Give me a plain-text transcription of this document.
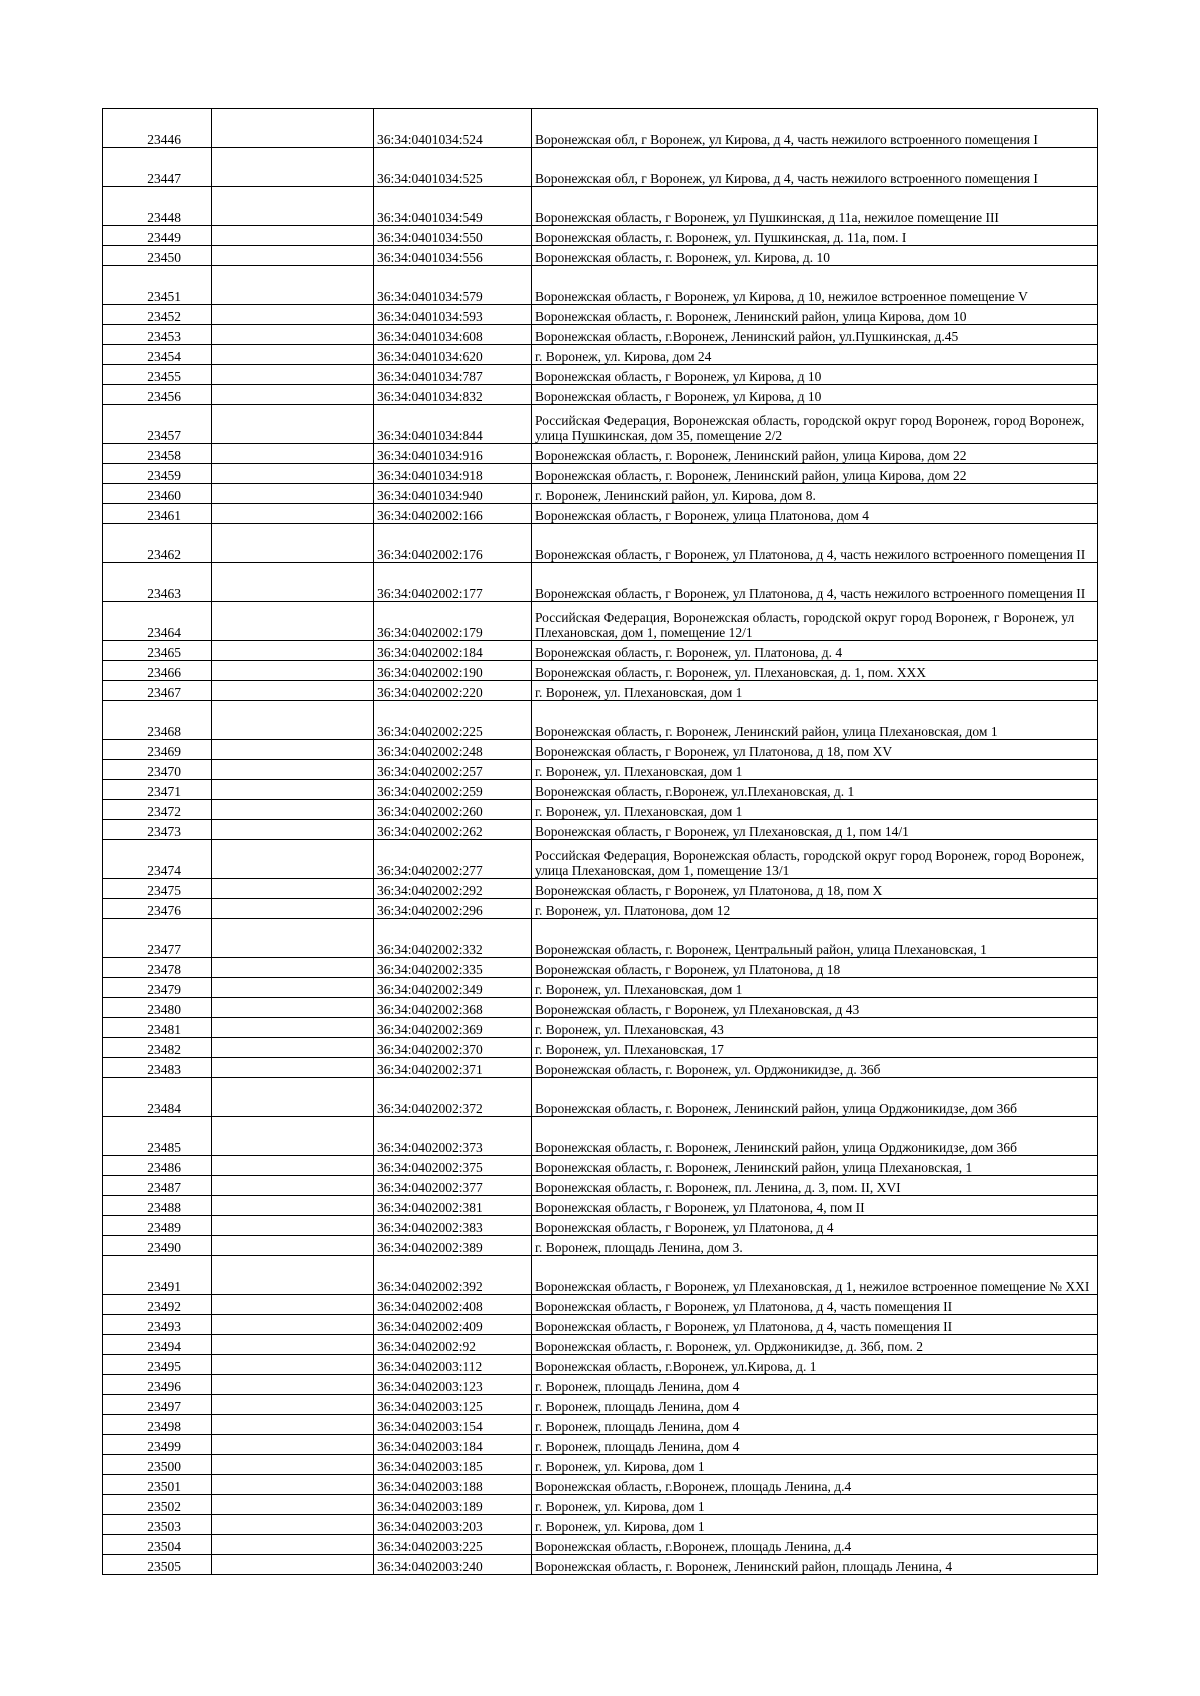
23446		36:34:0401034:524	Воронежская обл, г Воронеж, ул Кирова, д 4, часть нежилого встроенного помещения I
23447		36:34:0401034:525	Воронежская обл, г Воронеж, ул Кирова, д 4, часть нежилого встроенного помещения I
23448		36:34:0401034:549	Воронежская область, г Воронеж, ул Пушкинская, д 11а, нежилое помещение III
23449		36:34:0401034:550	Воронежская область, г. Воронеж, ул. Пушкинская, д. 11а, пом. I
23450		36:34:0401034:556	Воронежская область, г. Воронеж, ул. Кирова, д. 10
23451		36:34:0401034:579	Воронежская область, г Воронеж, ул Кирова, д 10, нежилое встроенное помещение V
23452		36:34:0401034:593	Воронежская область, г. Воронеж, Ленинский район, улица Кирова, дом 10
23453		36:34:0401034:608	Воронежская область, г.Воронеж, Ленинский район, ул.Пушкинская, д.45
23454		36:34:0401034:620	г. Воронеж, ул. Кирова, дом 24
23455		36:34:0401034:787	Воронежская область, г Воронеж, ул Кирова, д 10
23456		36:34:0401034:832	Воронежская область, г Воронеж, ул Кирова, д 10
23457		36:34:0401034:844	Российская Федерация, Воронежская область, городской округ город Воронеж, город Воронеж, улица Пушкинская, дом 35, помещение 2/2
23458		36:34:0401034:916	Воронежская область, г. Воронеж, Ленинский район, улица Кирова, дом 22
23459		36:34:0401034:918	Воронежская область, г. Воронеж, Ленинский район, улица Кирова, дом 22
23460		36:34:0401034:940	г. Воронеж, Ленинский район, ул. Кирова, дом 8.
23461		36:34:0402002:166	Воронежская область, г Воронеж, улица Платонова, дом 4
23462		36:34:0402002:176	Воронежская область, г Воронеж, ул Платонова, д 4, часть нежилого встроенного помещения II
23463		36:34:0402002:177	Воронежская область, г Воронеж, ул Платонова, д 4, часть нежилого встроенного помещения II
23464		36:34:0402002:179	Российская Федерация, Воронежская область, городской округ город Воронеж, г Воронеж, ул Плехановская, дом 1, помещение 12/1
23465		36:34:0402002:184	Воронежская область, г. Воронеж, ул. Платонова, д. 4
23466		36:34:0402002:190	Воронежская область, г. Воронеж, ул. Плехановская, д. 1, пом. XXX
23467		36:34:0402002:220	г. Воронеж, ул. Плехановская, дом 1
23468		36:34:0402002:225	Воронежская область, г. Воронеж, Ленинский район, улица Плехановская, дом 1
23469		36:34:0402002:248	Воронежская область, г Воронеж, ул Платонова, д 18, пом XV
23470		36:34:0402002:257	г. Воронеж, ул. Плехановская, дом 1
23471		36:34:0402002:259	Воронежская область, г.Воронеж, ул.Плехановская, д. 1
23472		36:34:0402002:260	г. Воронеж, ул. Плехановская, дом 1
23473		36:34:0402002:262	Воронежская область, г Воронеж, ул Плехановская, д 1, пом 14/1
23474		36:34:0402002:277	Российская Федерация, Воронежская область, городской округ город Воронеж, город Воронеж, улица Плехановская, дом 1, помещение 13/1
23475		36:34:0402002:292	Воронежская область, г Воронеж, ул Платонова, д 18, пом X
23476		36:34:0402002:296	г. Воронеж, ул. Платонова, дом 12
23477		36:34:0402002:332	Воронежская область, г. Воронеж, Центральный район, улица Плехановская, 1
23478		36:34:0402002:335	Воронежская область, г Воронеж, ул Платонова, д 18
23479		36:34:0402002:349	г. Воронеж, ул. Плехановская, дом 1
23480		36:34:0402002:368	Воронежская область, г Воронеж, ул Плехановская, д 43
23481		36:34:0402002:369	г. Воронеж, ул. Плехановская, 43
23482		36:34:0402002:370	г. Воронеж, ул. Плехановская, 17
23483		36:34:0402002:371	Воронежская область, г. Воронеж, ул. Орджоникидзе, д. 36б
23484		36:34:0402002:372	Воронежская область, г. Воронеж, Ленинский район, улица Орджоникидзе, дом 36б
23485		36:34:0402002:373	Воронежская область, г. Воронеж, Ленинский район, улица Орджоникидзе, дом 36б
23486		36:34:0402002:375	Воронежская область, г. Воронеж, Ленинский район, улица Плехановская, 1
23487		36:34:0402002:377	Воронежская область, г. Воронеж, пл. Ленина, д. 3, пом. II, XVI
23488		36:34:0402002:381	Воронежская область, г Воронеж, ул Платонова, 4, пом II
23489		36:34:0402002:383	Воронежская область, г Воронеж, ул Платонова, д 4
23490		36:34:0402002:389	г. Воронеж, площадь Ленина, дом 3.
23491		36:34:0402002:392	Воронежская область, г Воронеж, ул Плехановская, д 1, нежилое встроенное помещение № XXI
23492		36:34:0402002:408	Воронежская область, г Воронеж, ул Платонова, д 4, часть помещения II
23493		36:34:0402002:409	Воронежская область, г Воронеж, ул Платонова, д 4, часть помещения II
23494		36:34:0402002:92	Воронежская область, г. Воронеж, ул. Орджоникидзе, д. 36б, пом. 2
23495		36:34:0402003:112	Воронежская область, г.Воронеж, ул.Кирова, д. 1
23496		36:34:0402003:123	г. Воронеж, площадь Ленина, дом 4
23497		36:34:0402003:125	г. Воронеж, площадь Ленина, дом 4
23498		36:34:0402003:154	г. Воронеж, площадь Ленина, дом 4
23499		36:34:0402003:184	г. Воронеж, площадь Ленина, дом 4
23500		36:34:0402003:185	г. Воронеж, ул. Кирова, дом 1
23501		36:34:0402003:188	Воронежская область, г.Воронеж, площадь Ленина, д.4
23502		36:34:0402003:189	г. Воронеж, ул. Кирова, дом 1
23503		36:34:0402003:203	г. Воронеж, ул. Кирова, дом 1
23504		36:34:0402003:225	Воронежская область, г.Воронеж, площадь Ленина, д.4
23505		36:34:0402003:240	Воронежская область, г. Воронеж, Ленинский район, площадь Ленина, 4
